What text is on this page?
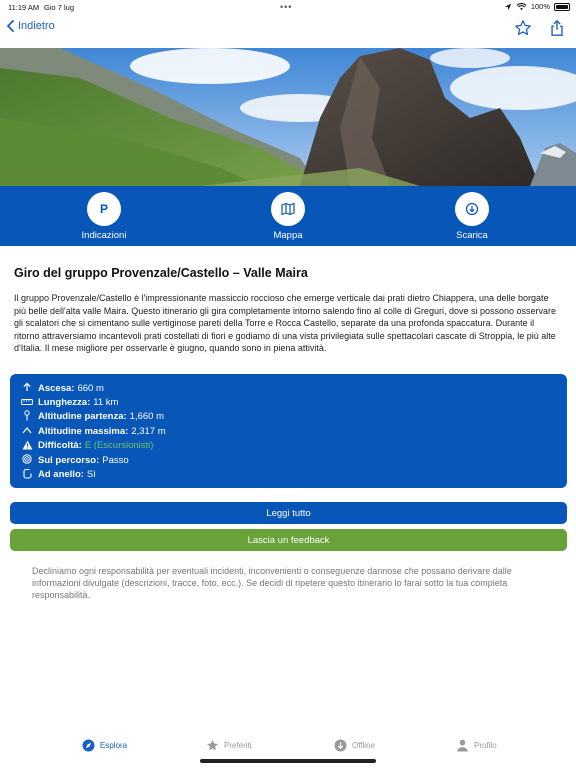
11:19 AM Gio 7 lug	•••	100%
Indietro
P
Indicazioni	Mappa	Scarica
Giro del gruppo Provenzale/Castello – Valle Maira

Il gruppo Provenzale/Castello è l'impressionante massiccio roccioso che emerge verticale dai prati dietro Chiappera, una delle borgate più belle dell'alta valle Maira. Questo itinerario gli gira completamente intorno salendo fino al colle di Greguri, dove si possono osservare gli scalatori che si cimentano sulle vertiginose pareti della Torre e Rocca Castello, separate da una profonda spaccatura. Durante il ritorno attraversiamo incantevoli prati costellati di fiori e godiamo di una vista privilegiata sulle spettacolari cascate di Stroppia, le più alte d'Italia. Il mese migliore per osservarle è giugno, quando sono in piena attività.

Ascesa: 660 m
Lunghezza: 11 km
Altitudine partenza: 1,660 m
Altitudine massima: 2,317 m
Difficoltà: E (Escursionisti)
Sul percorso: Passo
Ad anello: Sì
Leggi tutto
Lascia un feedback

Decliniamo ogni responsabilità per eventuali incidenti, inconvenienti o conseguenze dannose che possano derivare dalle informazioni divulgate (descrizioni, tracce, foto, ecc.). Se decidi di ripetere questo itinerario lo farai sotto la tua completa responsabilità.

Esplora	Preferiti	Offline	Profilo
